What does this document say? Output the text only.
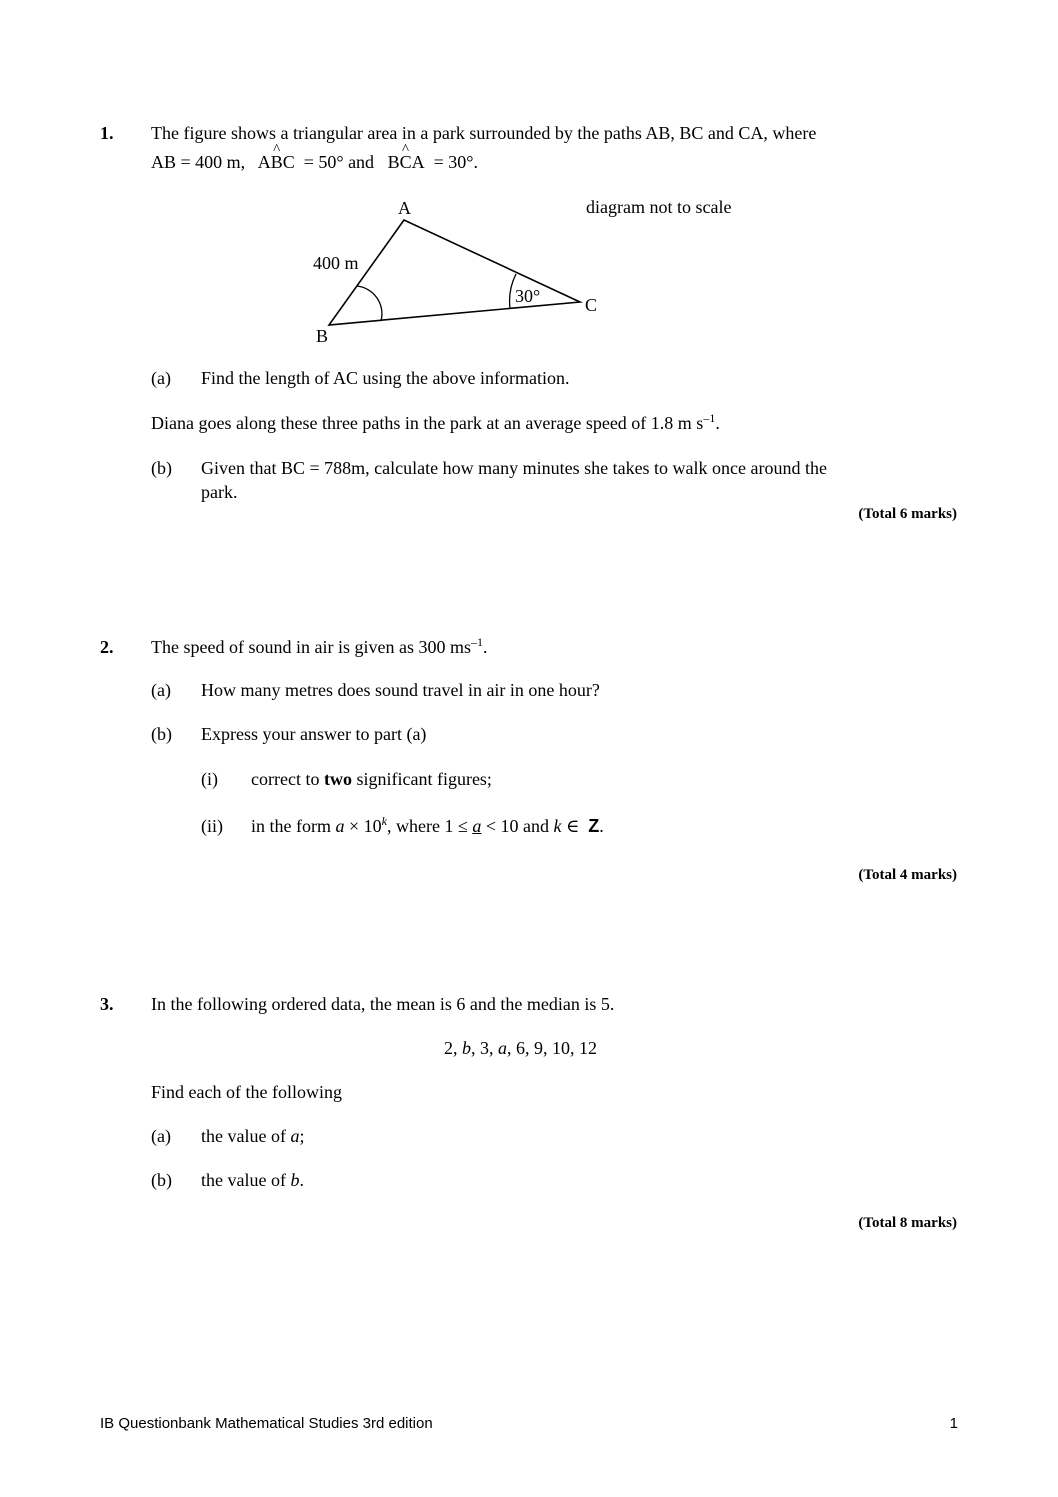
1. The figure shows a triangular area in a park surrounded by the paths AB, BC and CA, where
AB = 400 m, A^ BC = 50° and B^ CA = 30°.
diagram not to scale
A
B
C
400 m
30°
(a) Find the length of AC using the above information.
Diana goes along these three paths in the park at an average speed of 1.8 m $s^{-1}$.
(b) Given that BC = 788m, calculate how many minutes she takes to walk once around the
park.
(Total 6 marks)
2. The speed of sound in air is given as 300 $ms^{-1}$.
(a) How many metres does sound travel in air in one hour?
(b) Express your answer to part (a)
(i) correct to two significant figures;
(ii) in the form $a \times 10^k$, where 1 ≤ a < 10 and k ∈  Z.
(Total 4 marks)
3. In the following ordered data, the mean is 6 and the median is 5.
2, b, 3, a, 6, 9, 10, 12
Find each of the following
(a) the value of a;
(b) the value of b.
(Total 8 marks)
IB Questionbank Mathematical Studies 3rd edition	1
